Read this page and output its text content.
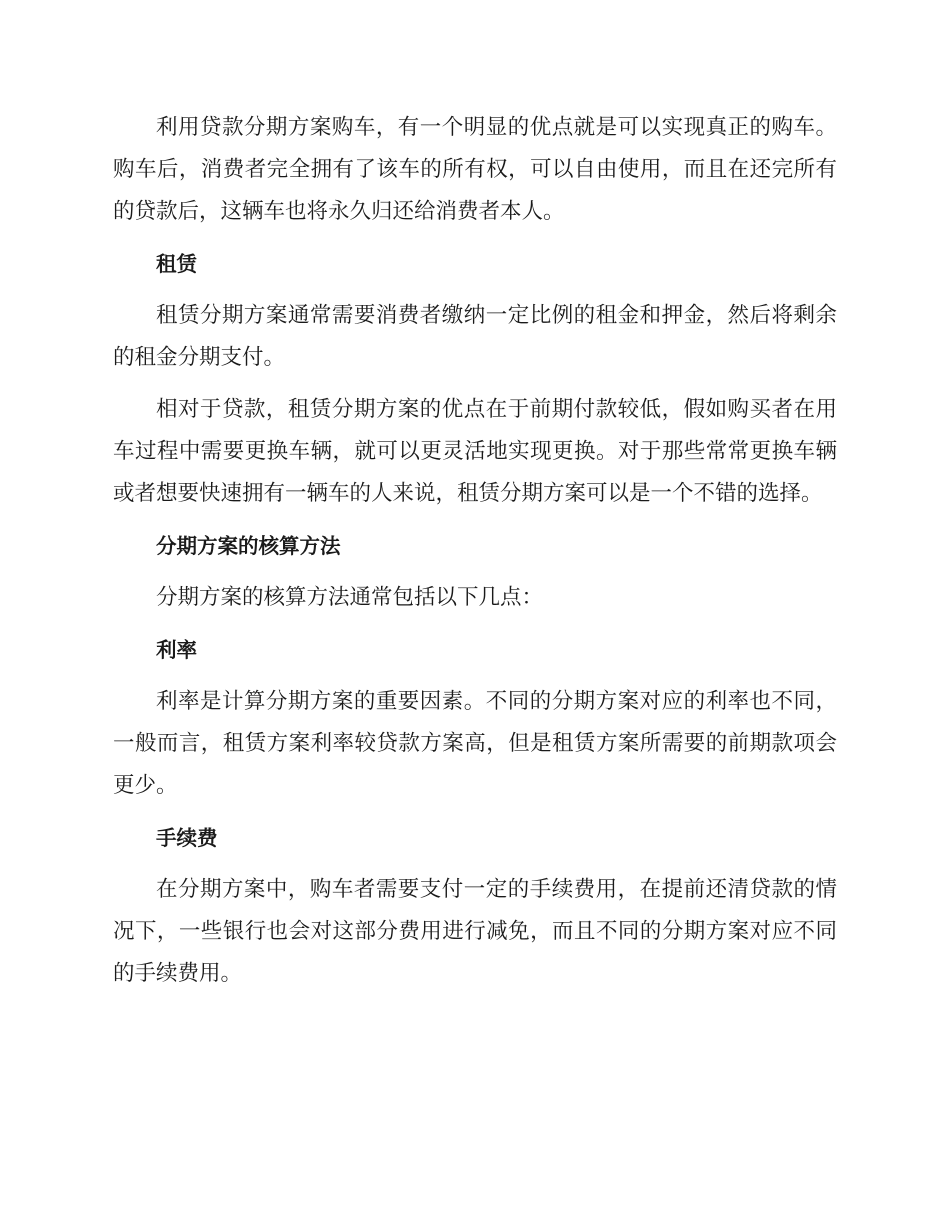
利用贷款分期方案购车，有一个明显的优点就是可以实现真正的购车。购车后，消费者完全拥有了该车的所有权，可以自由使用，而且在还完所有的贷款后，这辆车也将永久归还给消费者本人。

租赁

租赁分期方案通常需要消费者缴纳一定比例的租金和押金，然后将剩余的租金分期支付。

相对于贷款，租赁分期方案的优点在于前期付款较低，假如购买者在用车过程中需要更换车辆，就可以更灵活地实现更换。对于那些常常更换车辆或者想要快速拥有一辆车的人来说，租赁分期方案可以是一个不错的选择。

分期方案的核算方法

分期方案的核算方法通常包括以下几点：

利率

利率是计算分期方案的重要因素。不同的分期方案对应的利率也不同，一般而言，租赁方案利率较贷款方案高，但是租赁方案所需要的前期款项会更少。

手续费

在分期方案中，购车者需要支付一定的手续费用，在提前还清贷款的情况下，一些银行也会对这部分费用进行减免，而且不同的分期方案对应不同的手续费用。
